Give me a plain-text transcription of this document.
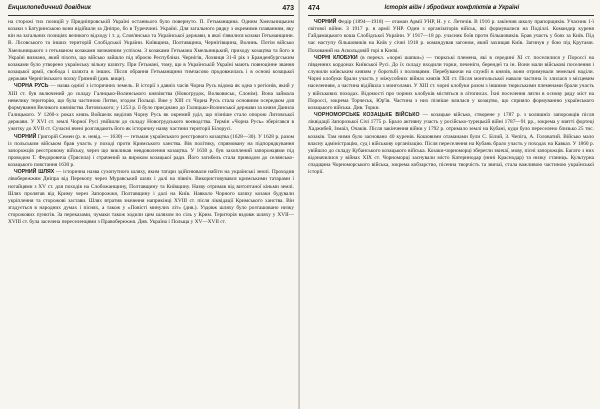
Енциклопедичний довідник	473

на сторожі тих позицій у Придніпровській Україні останнього було повернуто. П. Гетьманщина. Одним Хмельницьким козаки з Батуринською вони відійшли за Дніпро, бо в Туреччині. Україні. Для загального рядку з окремими плаванням, яку він на загальних позиціях великого відходу і т. д. Слов'янська та Української держави, в якої з'явилися козаки Гетьманщини. В. Лісовського та інших територій Слобідської України. Київщина, Полтавщина, Чернігівщина, Волинь. Потім військо Хмельницького з гетьманом козаками визначним успіхом. З козаками Гетьмана Хмельницький, приходу козацтва та його в Україні визнано, який піхоти, що військо зайшло під зброєю Республіки. Чернігів, Лохвиця 31-й рік з Бранденбургським козаками було утворено українську вільну шляхту. При Гетьмані, тому, що в Українській Україні мають повноцінне звання козацької армії, свобода і шляхта в інших. Після обрання Гетьманщини тимчасово продовжилась і в основі козацької держави Чернігівського полку Грязний (див. вище).

ЧОРНА РУСЬ — назва однієї з історичних земель. В історії з давніх часів Чорна Русь відома як одна з регіонів, який у XIII ст. був включений до складу Галицько-Волинського князівства (Новогрудок, Волковиськ, Слонім). Вона займала невелику територію, що була частиною Литви, згодом Польщі. Вже у XIII ст. Чорна Русь стала основним осередком для формування Великого князівства Литовського; у 1253 р. її було приєднано до Галицько-Волинської держави за князя Данила Галицького. У 1260-х роках князь Войшелк виділив Чорну Русь як окремий уділ, що пізніше стало опорою Литовської держави. У XVI ст. землі Чорної Русі увійшли до складу Новогрудського воєводства. Термін «Чорна Русь» зберігався в ужитку до XVII ст. Сучасні вчені розглядають його як історичну назву частини території Білорусі.

ЧОРНИЙ Григорій Семен (р. н. невід. — 1630) — гетьман українського реєстрового козацтва (1628—30). У 1628 р. разом із польським військом брав участь у поході проти Кримського ханства. Вів політику, спрямовану на підпорядкування запорожців реєстровому війську, через що викликав невдоволення козацтва. У 1630 р. був захоплений запорожцями під проводом Т. Федоровича (Трясила) і страчений за вироком козацької ради. Його загибель стала приводом до селянсько-козацького повстання 1630 р.

ЧОРНИЙ ШЛЯХ — історична назва сухопутного шляху, яким татари здійснювали набіги на українські землі. Проходив лівобережжям Дніпра від Перекопу через Муравський шлях і далі на північ. Використовувався кримськими татарами і ногайцями з XV ст. для походів на Слобожанщину, Полтавщину та Київщину. Назву отримав від витоптаної кіньми землі. Шлях пролягав від Криму через Запорожжя, Полтавщину і далі на Київ. Навколо Чорного шляху козаки будували укріплення та сторожові застави. Шлях втратив значення наприкінці XVIII ст. після ліквідації Кримського ханства. Він згадується в народних думах і піснях, а також у «Повісті минулих літ» (див.). Уздовж шляху було розташовано низку сторожових пунктів. За переказами, чумаки також ходили цим шляхом по сіль у Крим. Територія вздовж шляху у XVII—XVIII ст. була заселена переселенцями з Правобережжя. Див. Україна і Польща у XV—XVII ст.

474	Історія війн і збройних конфліктів в Україні

ЧОРНИЙ Федір (1894—1918) — отаман Армії УНР, Н. у с. Летичів. В 1916 р. закінчив школу прапорщиків. Учасник 1-ї світової війни. З 1917 р. в армії УНР. Один з організаторів військ, які формувалися на Поділлі. Командир куреня Гайдамацького коша Слобідської України. У 1917—18 рр. учасник боїв проти більшовиків. Брав участь у боях за Київ. Під час наступу більшовиків на Київ у січні 1918 р. командував загоном, який захищав Київ. Загинув у бою під Крутами. Похований на Аскольдовій горі в Києві.

ЧОРНІ КЛОБУКИ (в перекл. «чорні шапки») — тюркські племена, які в середині XI ст. поселилися у Пороссі на південних кордонах Київської Русі. До їх складу входили торки, печеніги, берендеї та ін. Вони мали військові поселення і служили київським князям у боротьбі з половцями. Перебуваючи на службі в князів, вони отримували земельні наділи. Чорні клобуки брали участь у міжусобних війнах князів XII ст. Після монгольської навали частина їх злилася з місцевим населенням, а частина відійшла з монголами. У XIII ст. чорні клобуки разом з іншими тюркськими племенами брали участь у військових походах. Відомості про чорних клобуків містяться в літописах. Їхні поселення лягли в основу ряду міст на Пороссі, зокрема Торчеськ, Юр'їв. Частина з них пізніше влилася у козацтво, що сприяло формуванню українського козацького війська. Див. Торки.

ЧОРНОМОРСЬКЕ КОЗАЦЬКЕ ВІЙСЬКО — козацьке військо, створене у 1787 р. з колишніх запорожців після ліквідації Запорозької Січі 1775 р. Брало активну участь у російсько-турецькій війні 1787—91 рр., зокрема у взятті фортеці Хаджибей, Ізмаїл, Очаків. Після закінчення війни у 1792 р. отримало землі на Кубані, куди було переселено близько 25 тис. козаків. Там ними було засновано 40 куренів. Кошовими отаманами були С. Білий, З. Чепіга, А. Головатий. Військо мало власну адміністрацію, суд і військову організацію. Після переселення на Кубань брало участь у походах на Кавказ. У 1860 р. увійшло до складу Кубанського козацького війська. Козаки-чорноморці зберегли звичаї, мову, пісні запорожців. Багато з них відзначилися у війнах XIX ст. Чорноморці заснували місто Катеринодар (нині Краснодар) та низку станиць. Культурна спадщина Чорноморського війська, зокрема кобзарство, пісенна творчість та звичаї, стала важливою частиною української історії.
